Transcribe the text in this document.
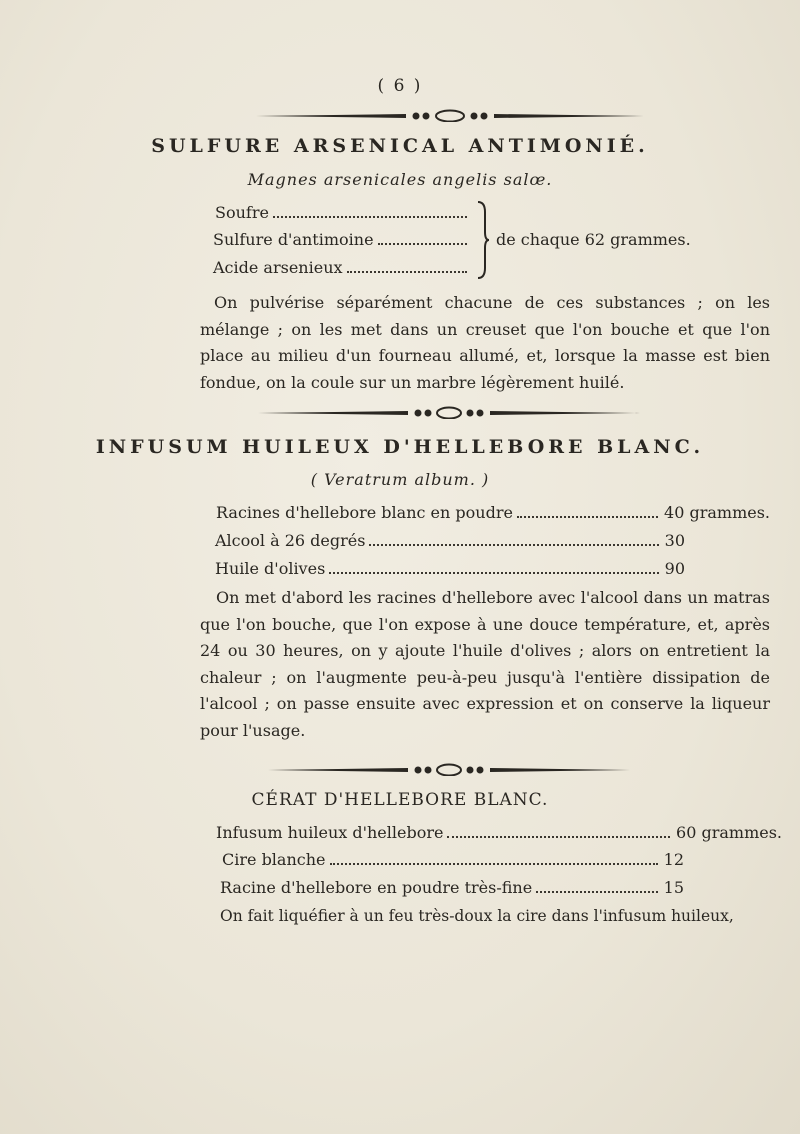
( 6 )
SULFURE ARSENICAL ANTIMONIÉ.
Magnes arsenicales angelis salœ.
Soufre
Sulfure d'antimoine
Acide arsenieux
de chaque 62 grammes.
On pulvérise séparément chacune de ces substances ; on les mélange ; on les met dans un creuset que l'on bouche et que l'on place au milieu d'un fourneau allumé, et, lorsque la masse est bien fondue, on la coule sur un marbre légèrement huilé.
INFUSUM HUILEUX D'HELLEBORE BLANC.
( Veratrum album. )
Racines d'hellebore blanc en poudre	40 grammes.
Alcool à 26 degrés	30
Huile d'olives	90
On met d'abord les racines d'hellebore avec l'alcool dans un matras que l'on bouche, que l'on expose à une douce température, et, après 24 ou 30 heures, on y ajoute l'huile d'olives ; alors on entretient la chaleur ; on l'augmente peu-à-peu jusqu'à l'entière dissipation de l'alcool ; on passe ensuite avec expression et on conserve la liqueur pour l'usage.
CÉRAT D'HELLEBORE BLANC.
Infusum huileux d'hellebore	60 grammes.
Cire blanche	12
Racine d'hellebore en poudre très-fine	15
On fait liquéfier à un feu très-doux la cire dans l'infusum huileux,
